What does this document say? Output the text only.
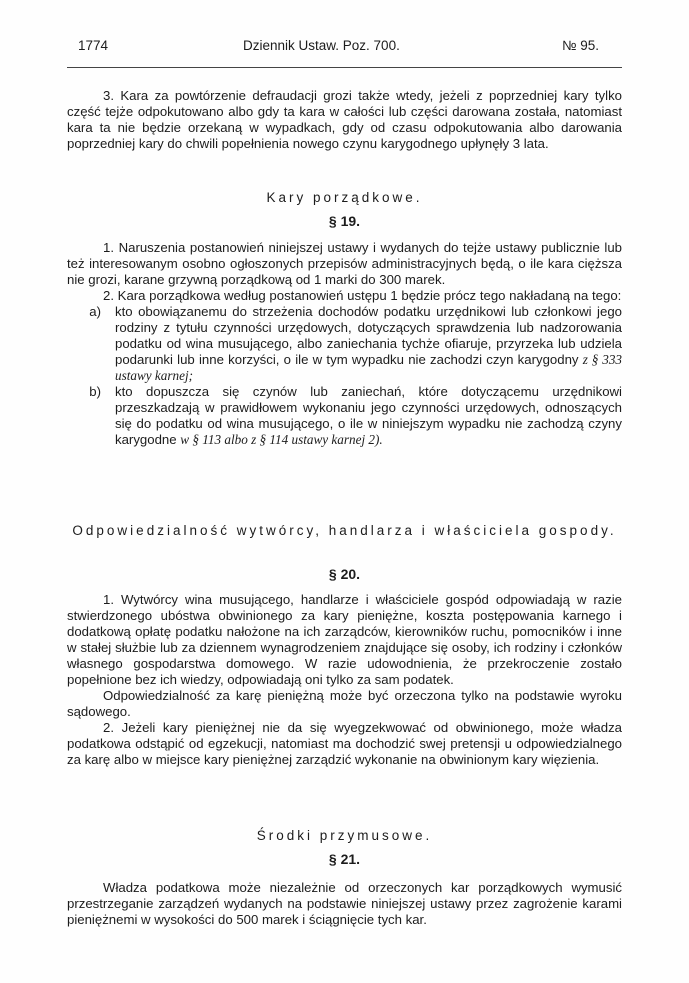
1774	Dziennik Ustaw. Poz. 700.	№ 95.

3. Kara za powtórzenie defraudacji grozi także wtedy, jeżeli z poprzedniej kary tylko część tejże odpokutowano albo gdy ta kara w całości lub części darowana została, natomiast kara ta nie będzie orzekaną w wypadkach, gdy od czasu odpokutowania albo darowania poprzedniej kary do chwili popełnienia nowego czynu karygodnego upłynęły 3 lata.

Kary porządkowe.
§ 19.

1. Naruszenia postanowień niniejszej ustawy i wydanych do tejże ustawy publicznie lub też interesowanym osobno ogłoszonych przepisów administracyjnych będą, o ile kara cięższa nie grozi, karane grzywną porządkową od 1 marki do 300 marek.

2. Kara porządkowa według postanowień ustępu 1 będzie prócz tego nakładaną na tego:

a)	kto obowiązanemu do strzeżenia dochodów podatku urzędnikowi lub członkowi jego rodziny z tytułu czynności urzędowych, dotyczących sprawdzenia lub nadzorowania podatku od wina musującego, albo zaniechania tychże ofiaruje, przyrzeka lub udziela podarunki lub inne korzyści, o ile w tym wypadku nie zachodzi czyn karygodny z § 333 ustawy karnej;
b)	kto dopuszcza się czynów lub zaniechań, które dotyczącemu urzędnikowi przeszkadzają w prawidłowem wykonaniu jego czynności urzędowych, odnoszących się do podatku od wina musującego, o ile w niniejszym wypadku nie zachodzą czyny karygodne w § 113 albo z § 114 ustawy karnej 2).
Odpowiedzialność wytwórcy, handlarza i właściciela gospody.
§ 20.

1. Wytwórcy wina musującego, handlarze i właściciele gospód odpowiadają w razie stwierdzonego ubóstwa obwinionego za kary pieniężne, koszta postępowania karnego i dodatkową opłatę podatku nałożone na ich zarządców, kierowników ruchu, pomocników i inne w stałej służbie lub za dziennem wynagrodzeniem znajdujące się osoby, ich rodziny i członków własnego gospodarstwa domowego. W razie udowodnienia, że przekroczenie zostało popełnione bez ich wiedzy, odpowiadają oni tylko za sam podatek.

Odpowiedzialność za karę pieniężną może być orzeczona tylko na podstawie wyroku sądowego.

2. Jeżeli kary pieniężnej nie da się wyegzekwować od obwinionego, może władza podatkowa odstąpić od egzekucji, natomiast ma dochodzić swej pretensji u odpowiedzialnego za karę albo w miejsce kary pieniężnej zarządzić wykonanie na obwinionym kary więzienia.

Środki przymusowe.
§ 21.

Władza podatkowa może niezależnie od orzeczonych kar porządkowych wymusić przestrzeganie zarządzeń wydanych na podstawie niniejszej ustawy przez zagrożenie karami pieniężnemi w wysokości do 500 marek i ściągnięcie tych kar.
